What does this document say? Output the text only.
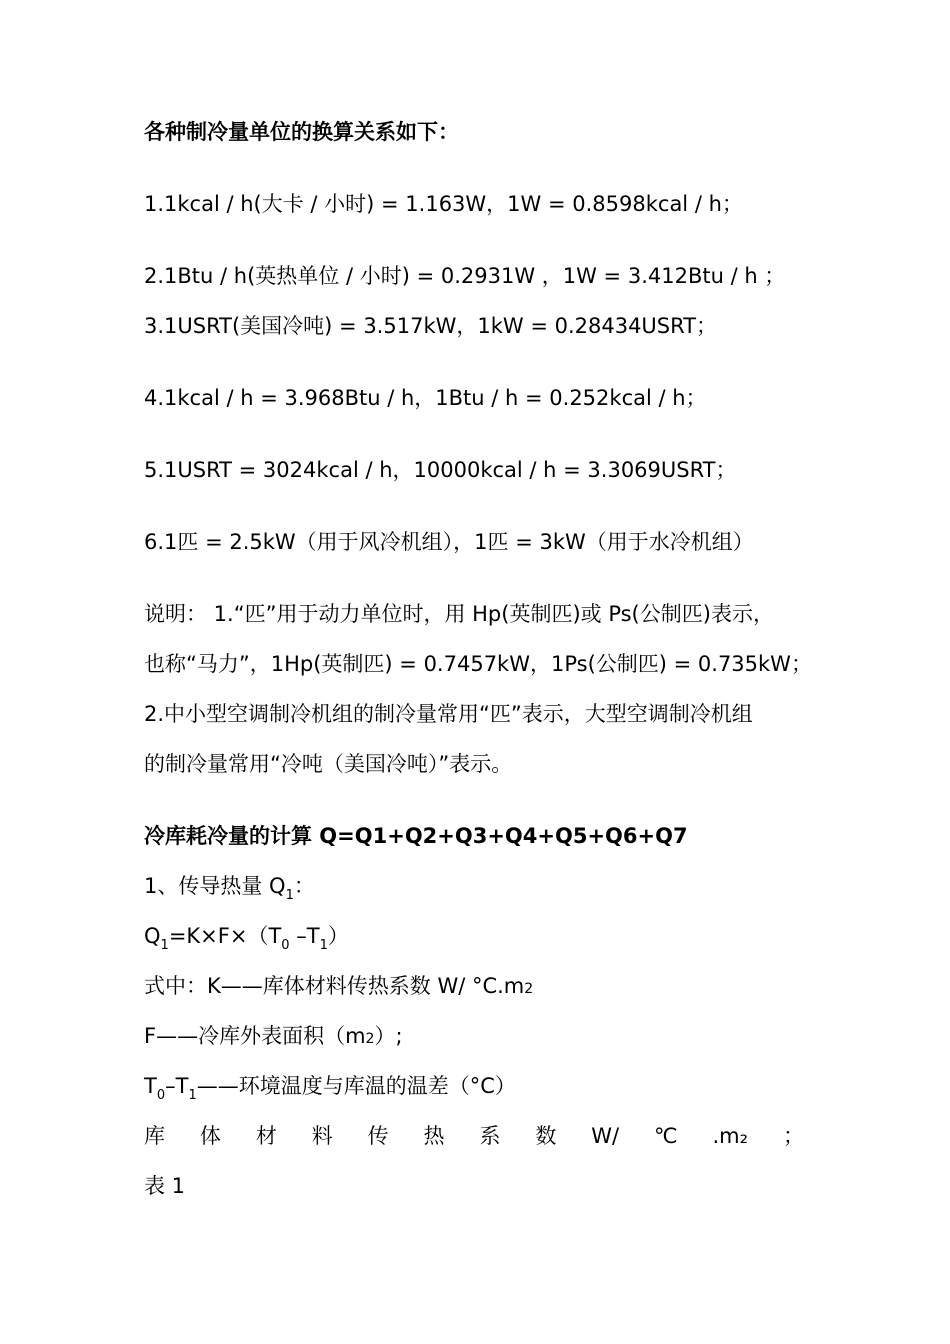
各种制冷量单位的换算关系如下：
1.1kcal / h(大卡 / 小时) = 1.163W，1W = 0.8598kcal / h；
2.1Btu / h(英热单位 / 小时) = 0.2931W ，1W = 3.412Btu / h ；
3.1USRT(美国冷吨) = 3.517kW，1kW = 0.28434USRT；
4.1kcal / h = 3.968Btu / h，1Btu / h = 0.252kcal / h；
5.1USRT = 3024kcal / h，10000kcal / h = 3.3069USRT；
6.1匹 = 2.5kW（用于风冷机组），1匹 = 3kW（用于水冷机组）
说明： 1.“匹”用于动力单位时，用 Hp(英制匹)或 Ps(公制匹)表示，
也称“马力”，1Hp(英制匹) = 0.7457kW，1Ps(公制匹) = 0.735kW；
2.中小型空调制冷机组的制冷量常用“匹”表示，大型空调制冷机组
的制冷量常用“冷吨（美国冷吨）”表示。
冷库耗冷量的计算 Q=Q1+Q2+Q3+Q4+Q5+Q6+Q7
1、传导热量 $Q_1$：
$Q_1=K\times F\times(T_0$ $-T_1$）
式中：K——库体材料传热系数 W/ °C.m2
F——冷库外表面积（m2）;
$T_0-T_1——$环境温度与库温的温差（°C）
库 体 材 料 传 热 系 数 W/ ℃ .m₂ ；
表 1
